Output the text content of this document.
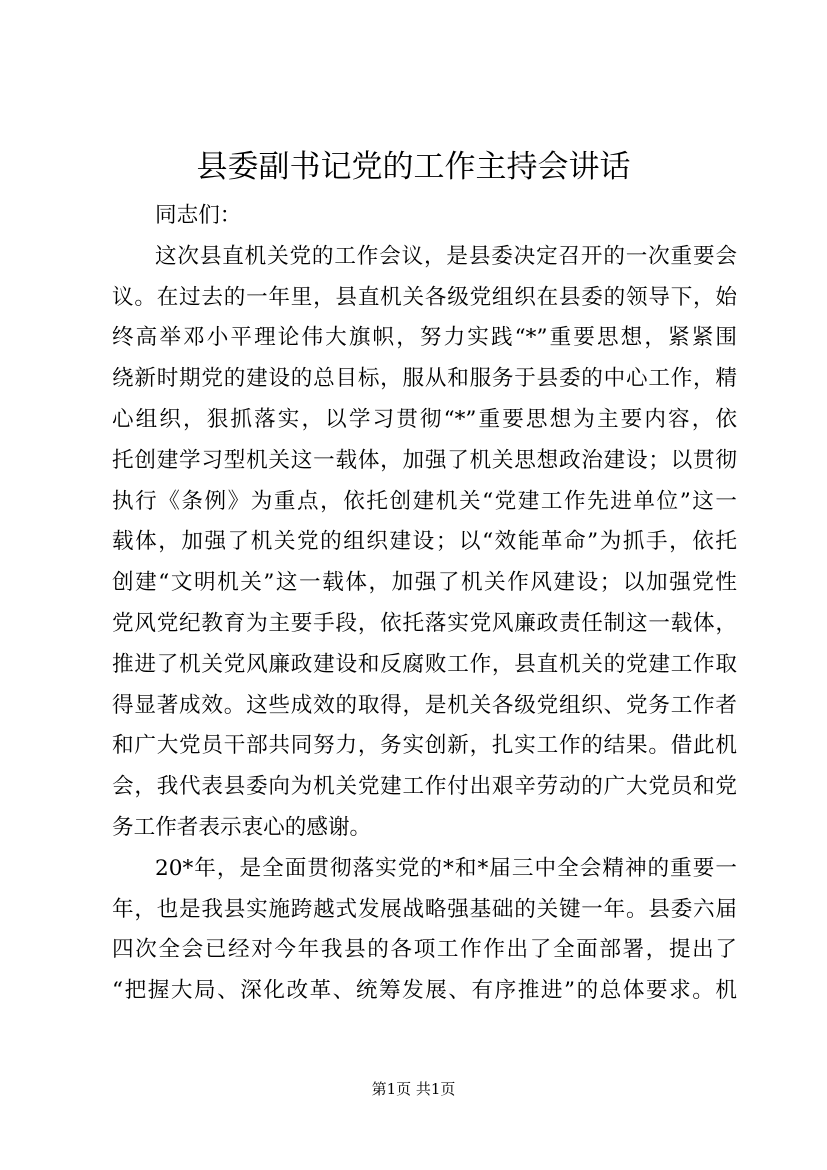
县委副书记党的工作主持会讲话
同志们：
这次县直机关党的工作会议，是县委决定召开的一次重要会
议。在过去的一年里，县直机关各级党组织在县委的领导下，始
终高举邓小平理论伟大旗帜，努力实践“*”重要思想，紧紧围
绕新时期党的建设的总目标，服从和服务于县委的中心工作，精
心组织，狠抓落实，以学习贯彻“*”重要思想为主要内容，依
托创建学习型机关这一载体，加强了机关思想政治建设；以贯彻
执行《条例》为重点，依托创建机关“党建工作先进单位”这一
载体，加强了机关党的组织建设；以“效能革命”为抓手，依托
创建“文明机关”这一载体，加强了机关作风建设；以加强党性
党风党纪教育为主要手段，依托落实党风廉政责任制这一载体，
推进了机关党风廉政建设和反腐败工作，县直机关的党建工作取
得显著成效。这些成效的取得，是机关各级党组织、党务工作者
和广大党员干部共同努力，务实创新，扎实工作的结果。借此机
会，我代表县委向为机关党建工作付出艰辛劳动的广大党员和党
务工作者表示衷心的感谢。
20*年，是全面贯彻落实党的*和*届三中全会精神的重要一
年，也是我县实施跨越式发展战略强基础的关键一年。县委六届
四次全会已经对今年我县的各项工作作出了全面部署，提出了
“把握大局、深化改革、统筹发展、有序推进”的总体要求。机
第1页 共1页
